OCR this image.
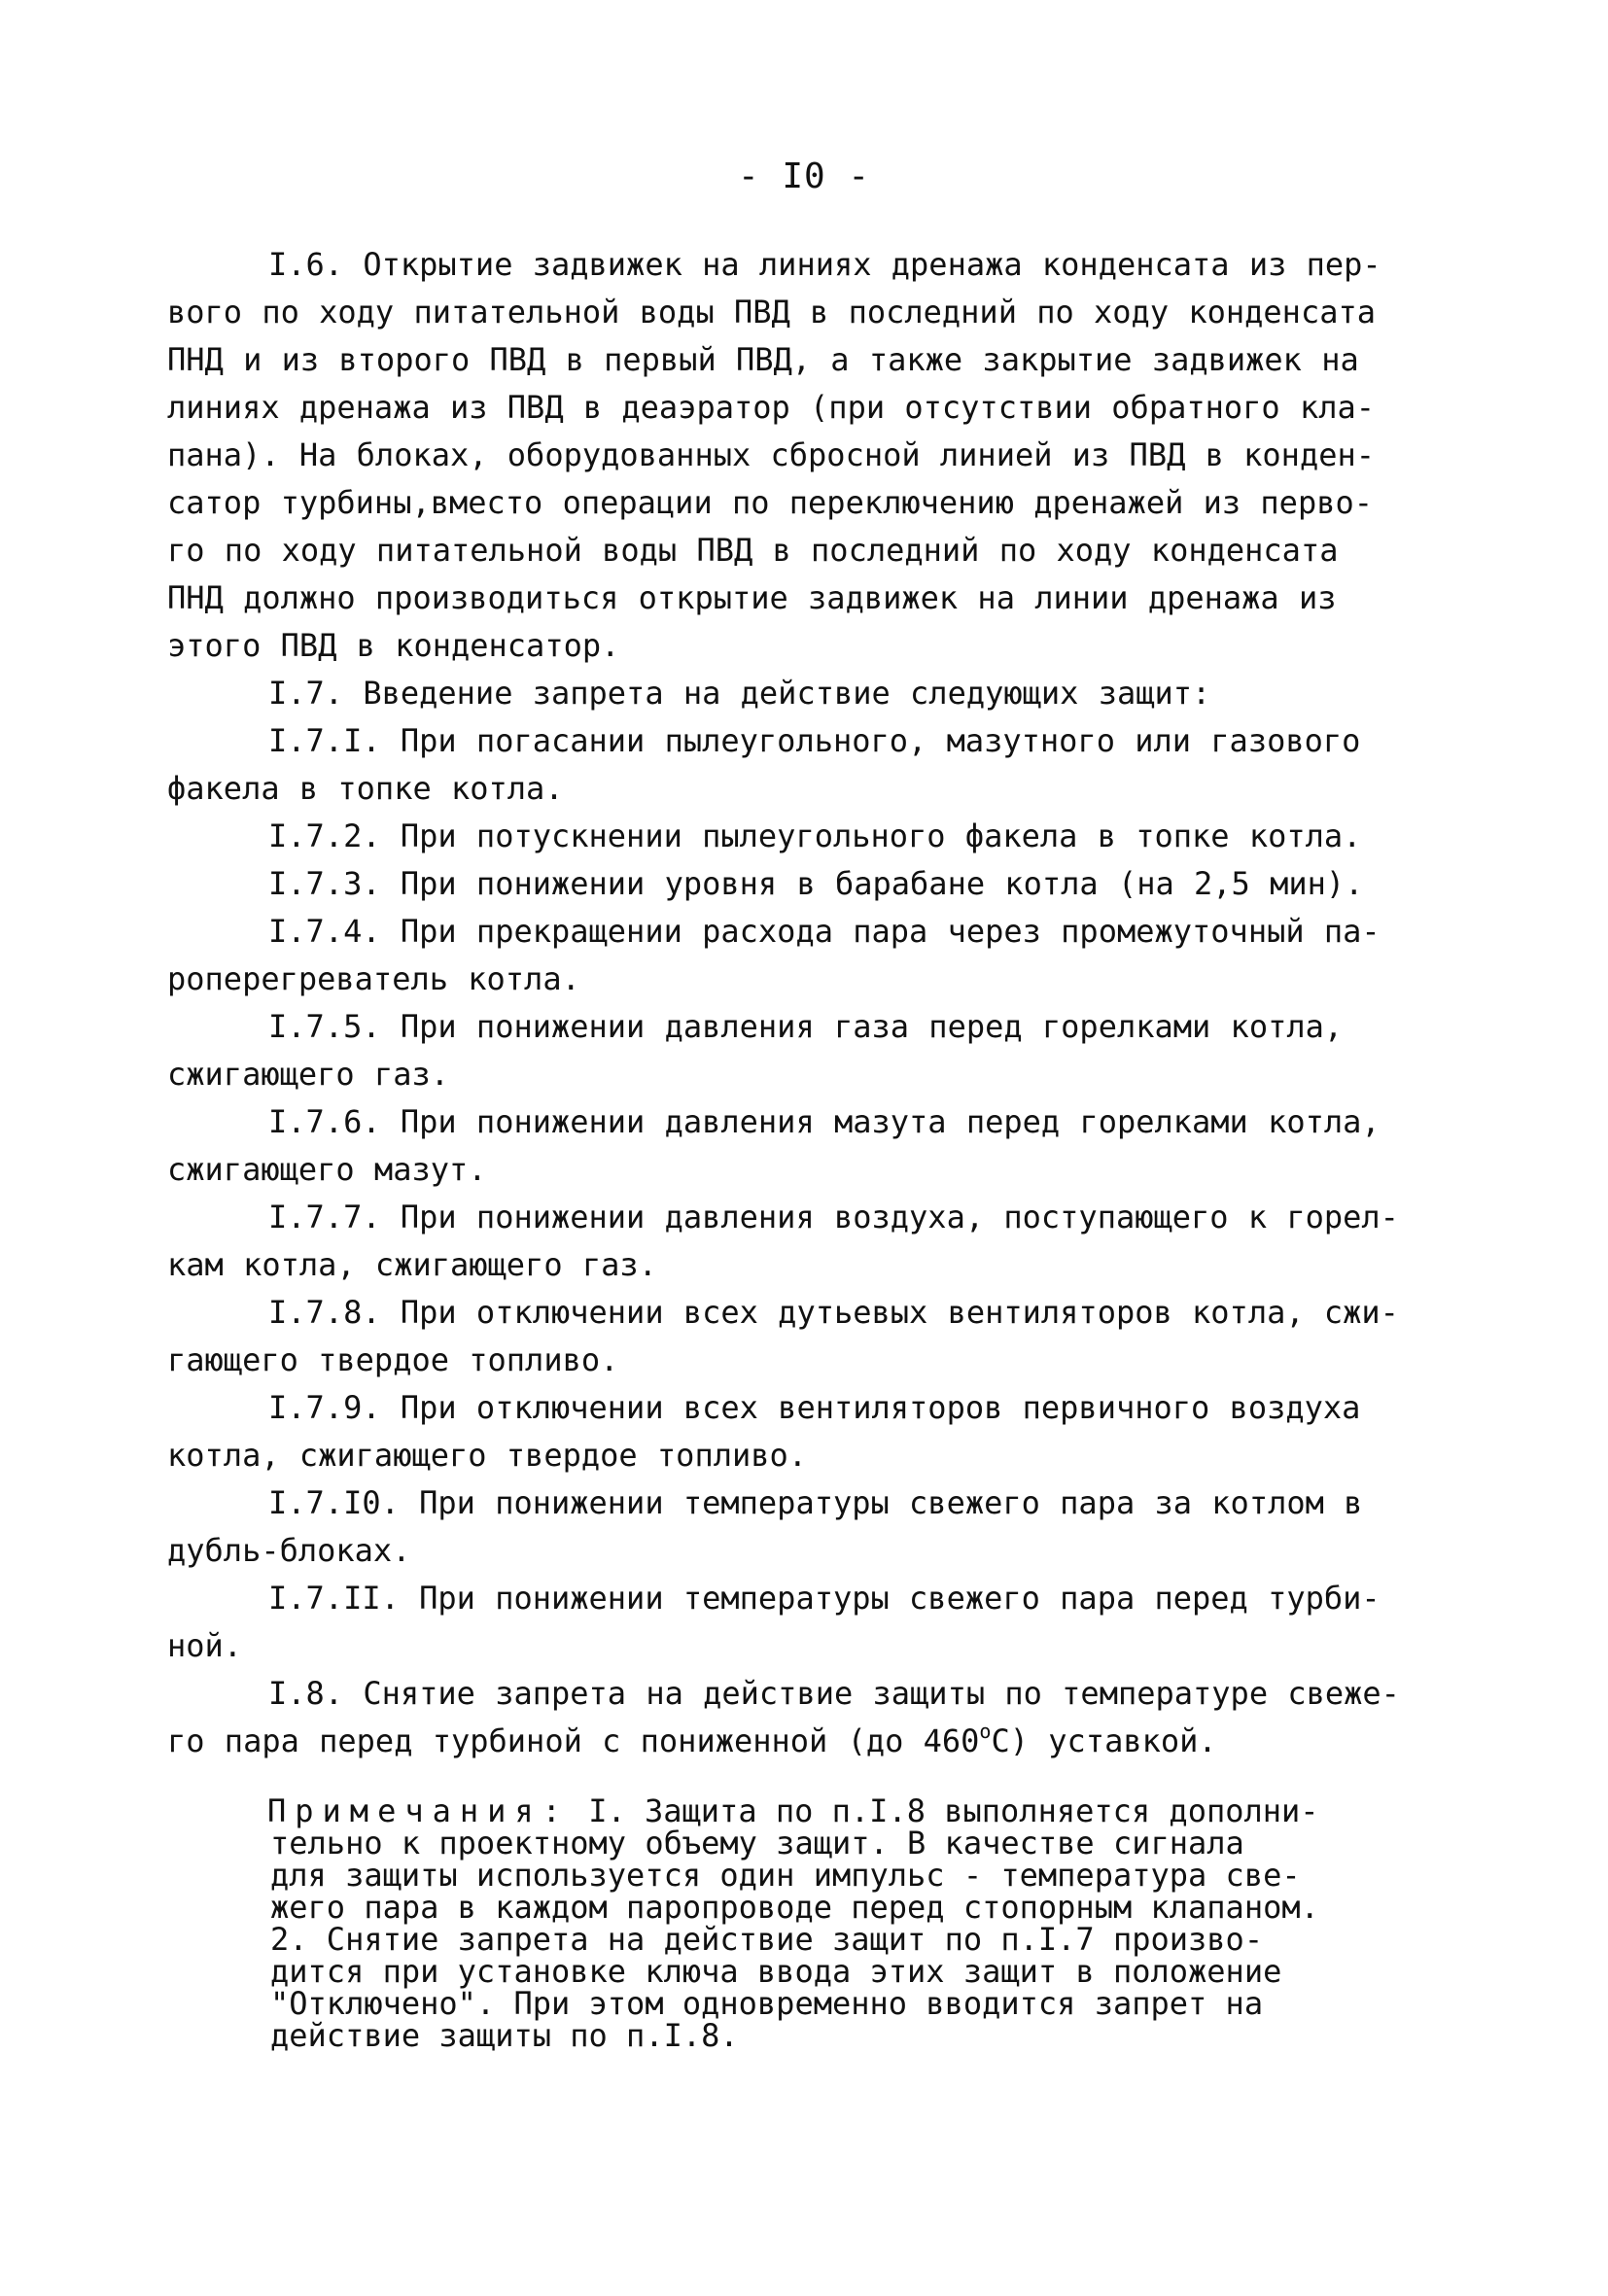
- I0 -
I.6. Открытие задвижек на линиях дренажа конденсата из пер-
вого по ходу питательной воды ПВД в последний по ходу конденсата
ПНД и из второго ПВД в первый ПВД, а также закрытие задвижек на
линиях дренажа из ПВД в деаэратор (при отсутствии обратного кла-
пана). На блоках, оборудованных сбросной линией из ПВД в конден-
сатор турбины,вместо операции по переключению дренажей из перво-
го по ходу питательной воды ПВД в последний по ходу конденсата
ПНД должно производиться открытие задвижек на линии дренажа из
этого ПВД в конденсатор.
I.7. Введение запрета на действие следующих защит:
I.7.I. При погасании пылеугольного, мазутного или газового
факела в топке котла.
I.7.2. При потускнении пылеугольного факела в топке котла.
I.7.3. При понижении уровня в барабане котла (на 2,5 мин).
I.7.4. При прекращении расхода пара через промежуточный па-
роперегреватель котла.
I.7.5. При понижении давления газа перед горелками котла,
сжигающего газ.
I.7.6. При понижении давления мазута перед горелками котла,
сжигающего мазут.
I.7.7. При понижении давления воздуха, поступающего к горел-
кам котла, сжигающего газ.
I.7.8. При отключении всех дутьевых вентиляторов котла, сжи-
гающего твердое топливо.
I.7.9. При отключении всех вентиляторов первичного воздуха
котла, сжигающего твердое топливо.
I.7.I0. При понижении температуры свежего пара за котлом в
дубль-блоках.
I.7.II. При понижении температуры свежего пара перед турби-
ной.
I.8. Снятие запрета на действие защиты по температуре свеже-
го пара перед турбиной с пониженной (до $460^оС$) уставкой.
Примечания: I. Защита по п.I.8 выполняется дополни-
тельно к проектному объему защит. В качестве сигнала
для защиты используется один импульс - температура све-
жего пара в каждом паропроводе перед стопорным клапаном.
2. Снятие запрета на действие защит по п.I.7 произво-
дится при установке ключа ввода этих защит в положение
"Отключено". При этом одновременно вводится запрет на
действие защиты по п.I.8.
